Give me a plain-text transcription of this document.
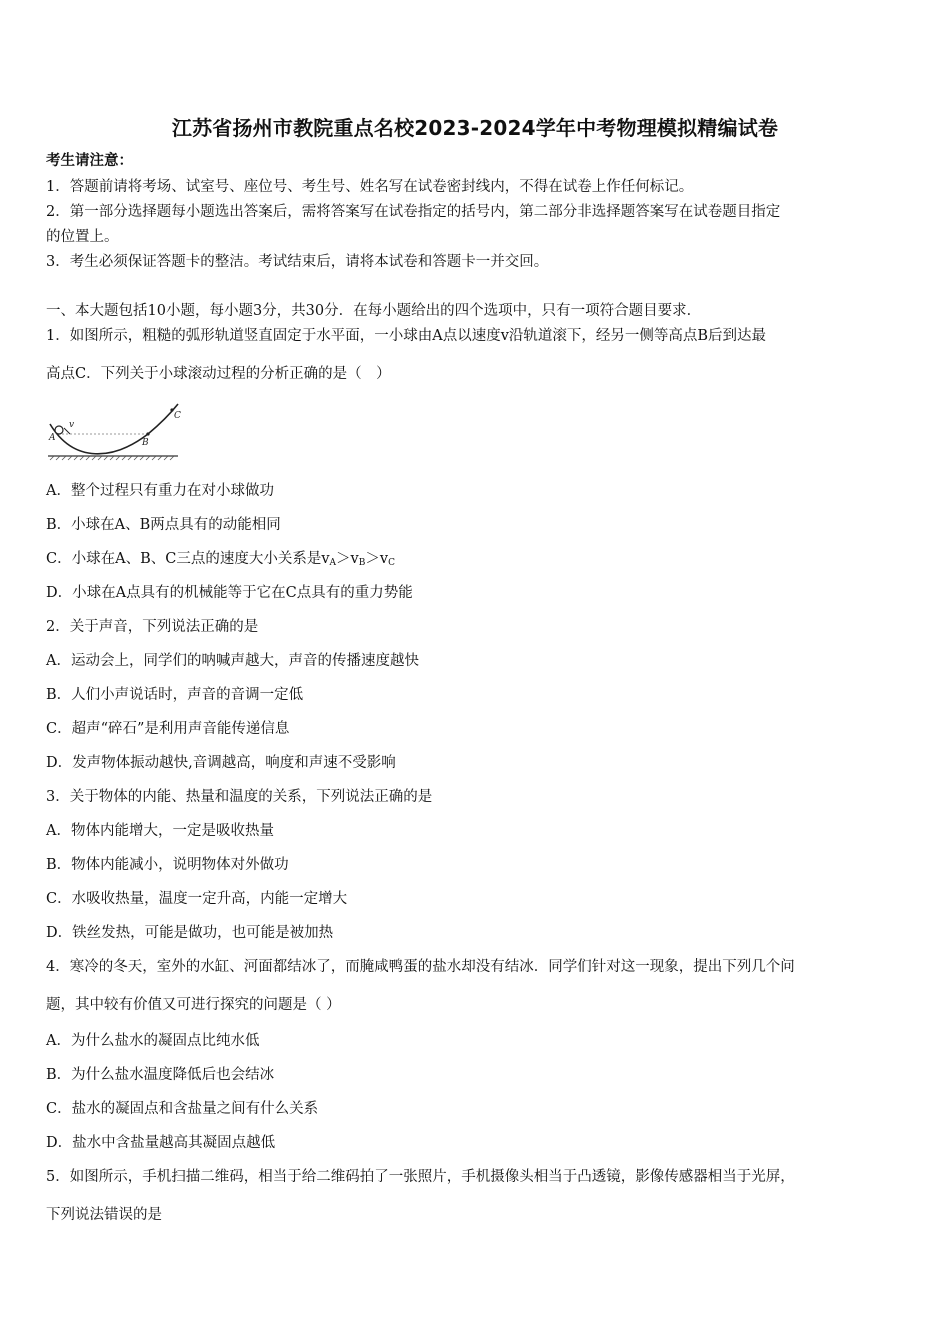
江苏省扬州市教院重点名校2023-2024学年中考物理模拟精编试卷
考生请注意：
1．答题前请将考场、试室号、座位号、考生号、姓名写在试卷密封线内，不得在试卷上作任何标记。
2．第一部分选择题每小题选出答案后，需将答案写在试卷指定的括号内，第二部分非选择题答案写在试卷题目指定
的位置上。
3．考生必须保证答题卡的整洁。考试结束后，请将本试卷和答题卡一并交回。
一、本大题包括10小题，每小题3分，共30分．在每小题给出的四个选项中，只有一项符合题目要求．
1．如图所示，粗糙的弧形轨道竖直固定于水平面，一小球由A点以速度v沿轨道滚下，经另一侧等高点B后到达最
高点C．下列关于小球滚动过程的分析正确的是（　）
A
v
B
C
A．整个过程只有重力在对小球做功
B．小球在A、B两点具有的动能相同
C．小球在A、B、C三点的速度大小关系是$v_A>v_B>v_C$
D．小球在A点具有的机械能等于它在C点具有的重力势能
2．关于声音，下列说法正确的是
A．运动会上，同学们的呐喊声越大，声音的传播速度越快
B．人们小声说话时，声音的音调一定低
C．超声“碎石”是利用声音能传递信息
D．发声物体振动越快,音调越高，响度和声速不受影响
3．关于物体的内能、热量和温度的关系，下列说法正确的是
A．物体内能增大，一定是吸收热量
B．物体内能减小，说明物体对外做功
C．水吸收热量，温度一定升高，内能一定增大
D．铁丝发热，可能是做功，也可能是被加热
4．寒冷的冬天，室外的水缸、河面都结冰了，而腌咸鸭蛋的盐水却没有结冰．同学们针对这一现象，提出下列几个问
题，其中较有价值又可进行探究的问题是（ ）
A．为什么盐水的凝固点比纯水低
B．为什么盐水温度降低后也会结冰
C．盐水的凝固点和含盐量之间有什么关系
D．盐水中含盐量越高其凝固点越低
5．如图所示，手机扫描二维码，相当于给二维码拍了一张照片，手机摄像头相当于凸透镜，影像传感器相当于光屏，
下列说法错误的是
